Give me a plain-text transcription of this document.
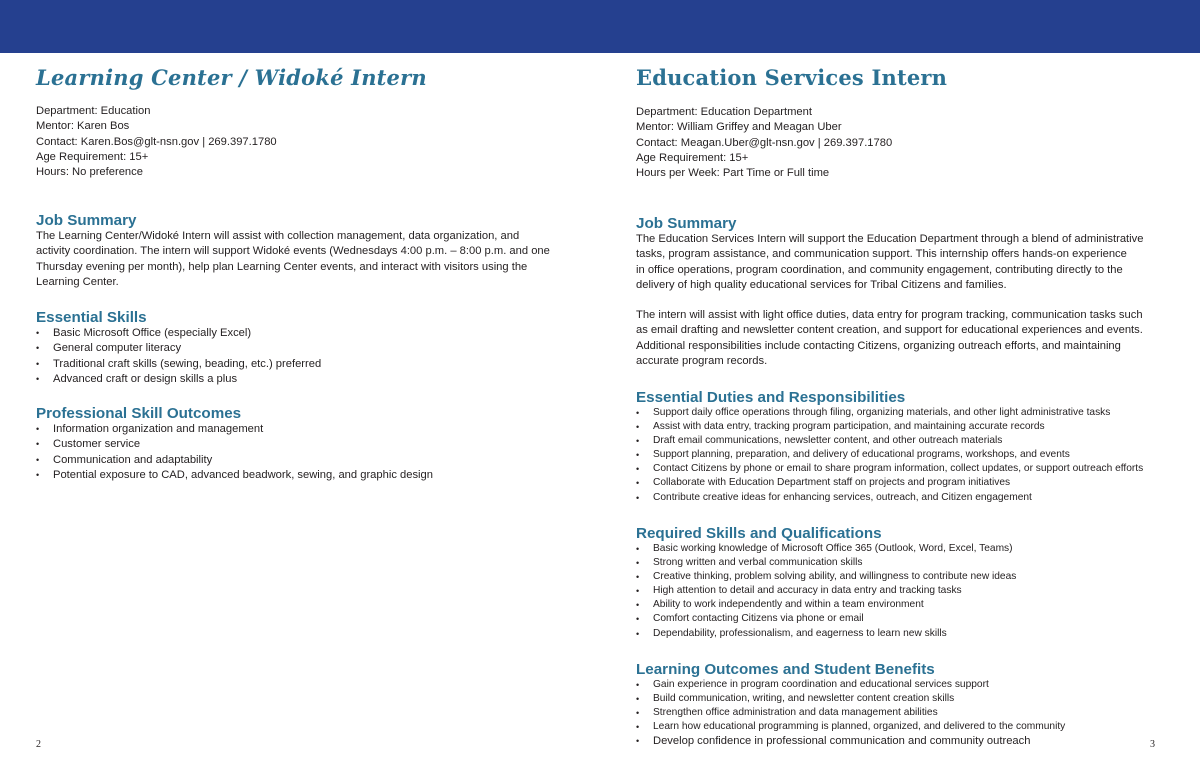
Learning Center / Widoké Intern
Department: Education
Mentor: Karen Bos
Contact: Karen.Bos@glt-nsn.gov | 269.397.1780
Age Requirement: 15+
Hours: No preference
Job Summary

The Learning Center/Widoké Intern will assist with collection management, data organization, and
activity coordination. The intern will support Widoké events (Wednesdays 4:00 p.m. – 8:00 p.m. and one
Thursday evening per month), help plan Learning Center events, and interact with visitors using the
Learning Center.

Essential Skills
• Basic Microsoft Office (especially Excel)
• General computer literacy
• Traditional craft skills (sewing, beading, etc.) preferred
• Advanced craft or design skills a plus
Professional Skill Outcomes
• Information organization and management
• Customer service
• Communication and adaptability
• Potential exposure to CAD, advanced beadwork, sewing, and graphic design
Education Services Intern
Department: Education Department
Mentor: William Griffey and Meagan Uber
Contact: Meagan.Uber@glt-nsn.gov | 269.397.1780
Age Requirement: 15+
Hours per Week: Part Time or Full time
Job Summary

The Education Services Intern will support the Education Department through a blend of administrative
tasks, program assistance, and communication support. This internship offers hands-on experience
in office operations, program coordination, and community engagement, contributing directly to the
delivery of high quality educational services for Tribal Citizens and families.

The intern will assist with light office duties, data entry for program tracking, communication tasks such
as email drafting and newsletter content creation, and support for educational experiences and events.
Additional responsibilities include contacting Citizens, organizing outreach efforts, and maintaining
accurate program records.

Essential Duties and Responsibilities
• Support daily office operations through filing, organizing materials, and other light administrative tasks
• Assist with data entry, tracking program participation, and maintaining accurate records
• Draft email communications, newsletter content, and other outreach materials
• Support planning, preparation, and delivery of educational programs, workshops, and events
• Contact Citizens by phone or email to share program information, collect updates, or support outreach efforts
• Collaborate with Education Department staff on projects and program initiatives
• Contribute creative ideas for enhancing services, outreach, and Citizen engagement
Required Skills and Qualifications
• Basic working knowledge of Microsoft Office 365 (Outlook, Word, Excel, Teams)
• Strong written and verbal communication skills
• Creative thinking, problem solving ability, and willingness to contribute new ideas
• High attention to detail and accuracy in data entry and tracking tasks
• Ability to work independently and within a team environment
• Comfort contacting Citizens via phone or email
• Dependability, professionalism, and eagerness to learn new skills
Learning Outcomes and Student Benefits
• Gain experience in program coordination and educational services support
• Build communication, writing, and newsletter content creation skills
• Strengthen office administration and data management abilities
• Learn how educational programming is planned, organized, and delivered to the community
• Develop confidence in professional communication and community outreach
2	3
